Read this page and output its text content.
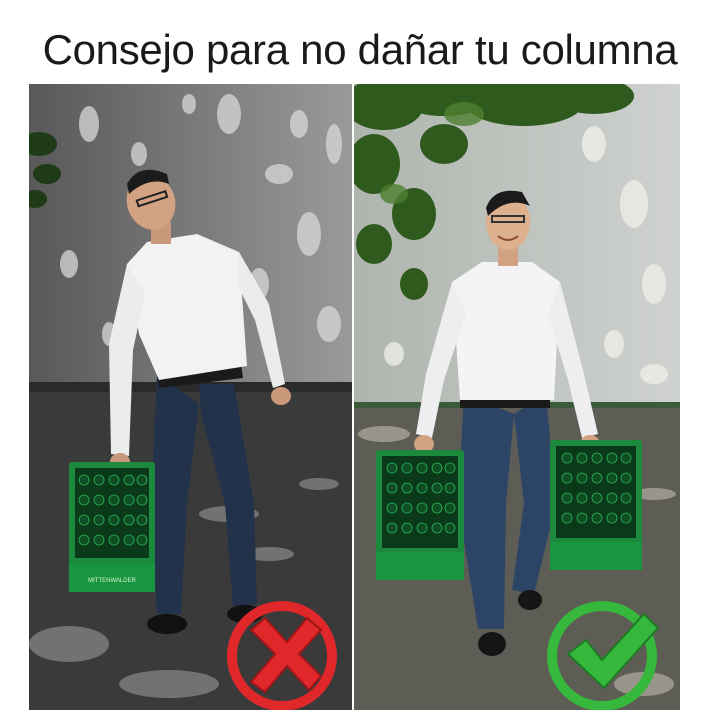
Consejo para no dañar tu columna
MITTENWALDER
